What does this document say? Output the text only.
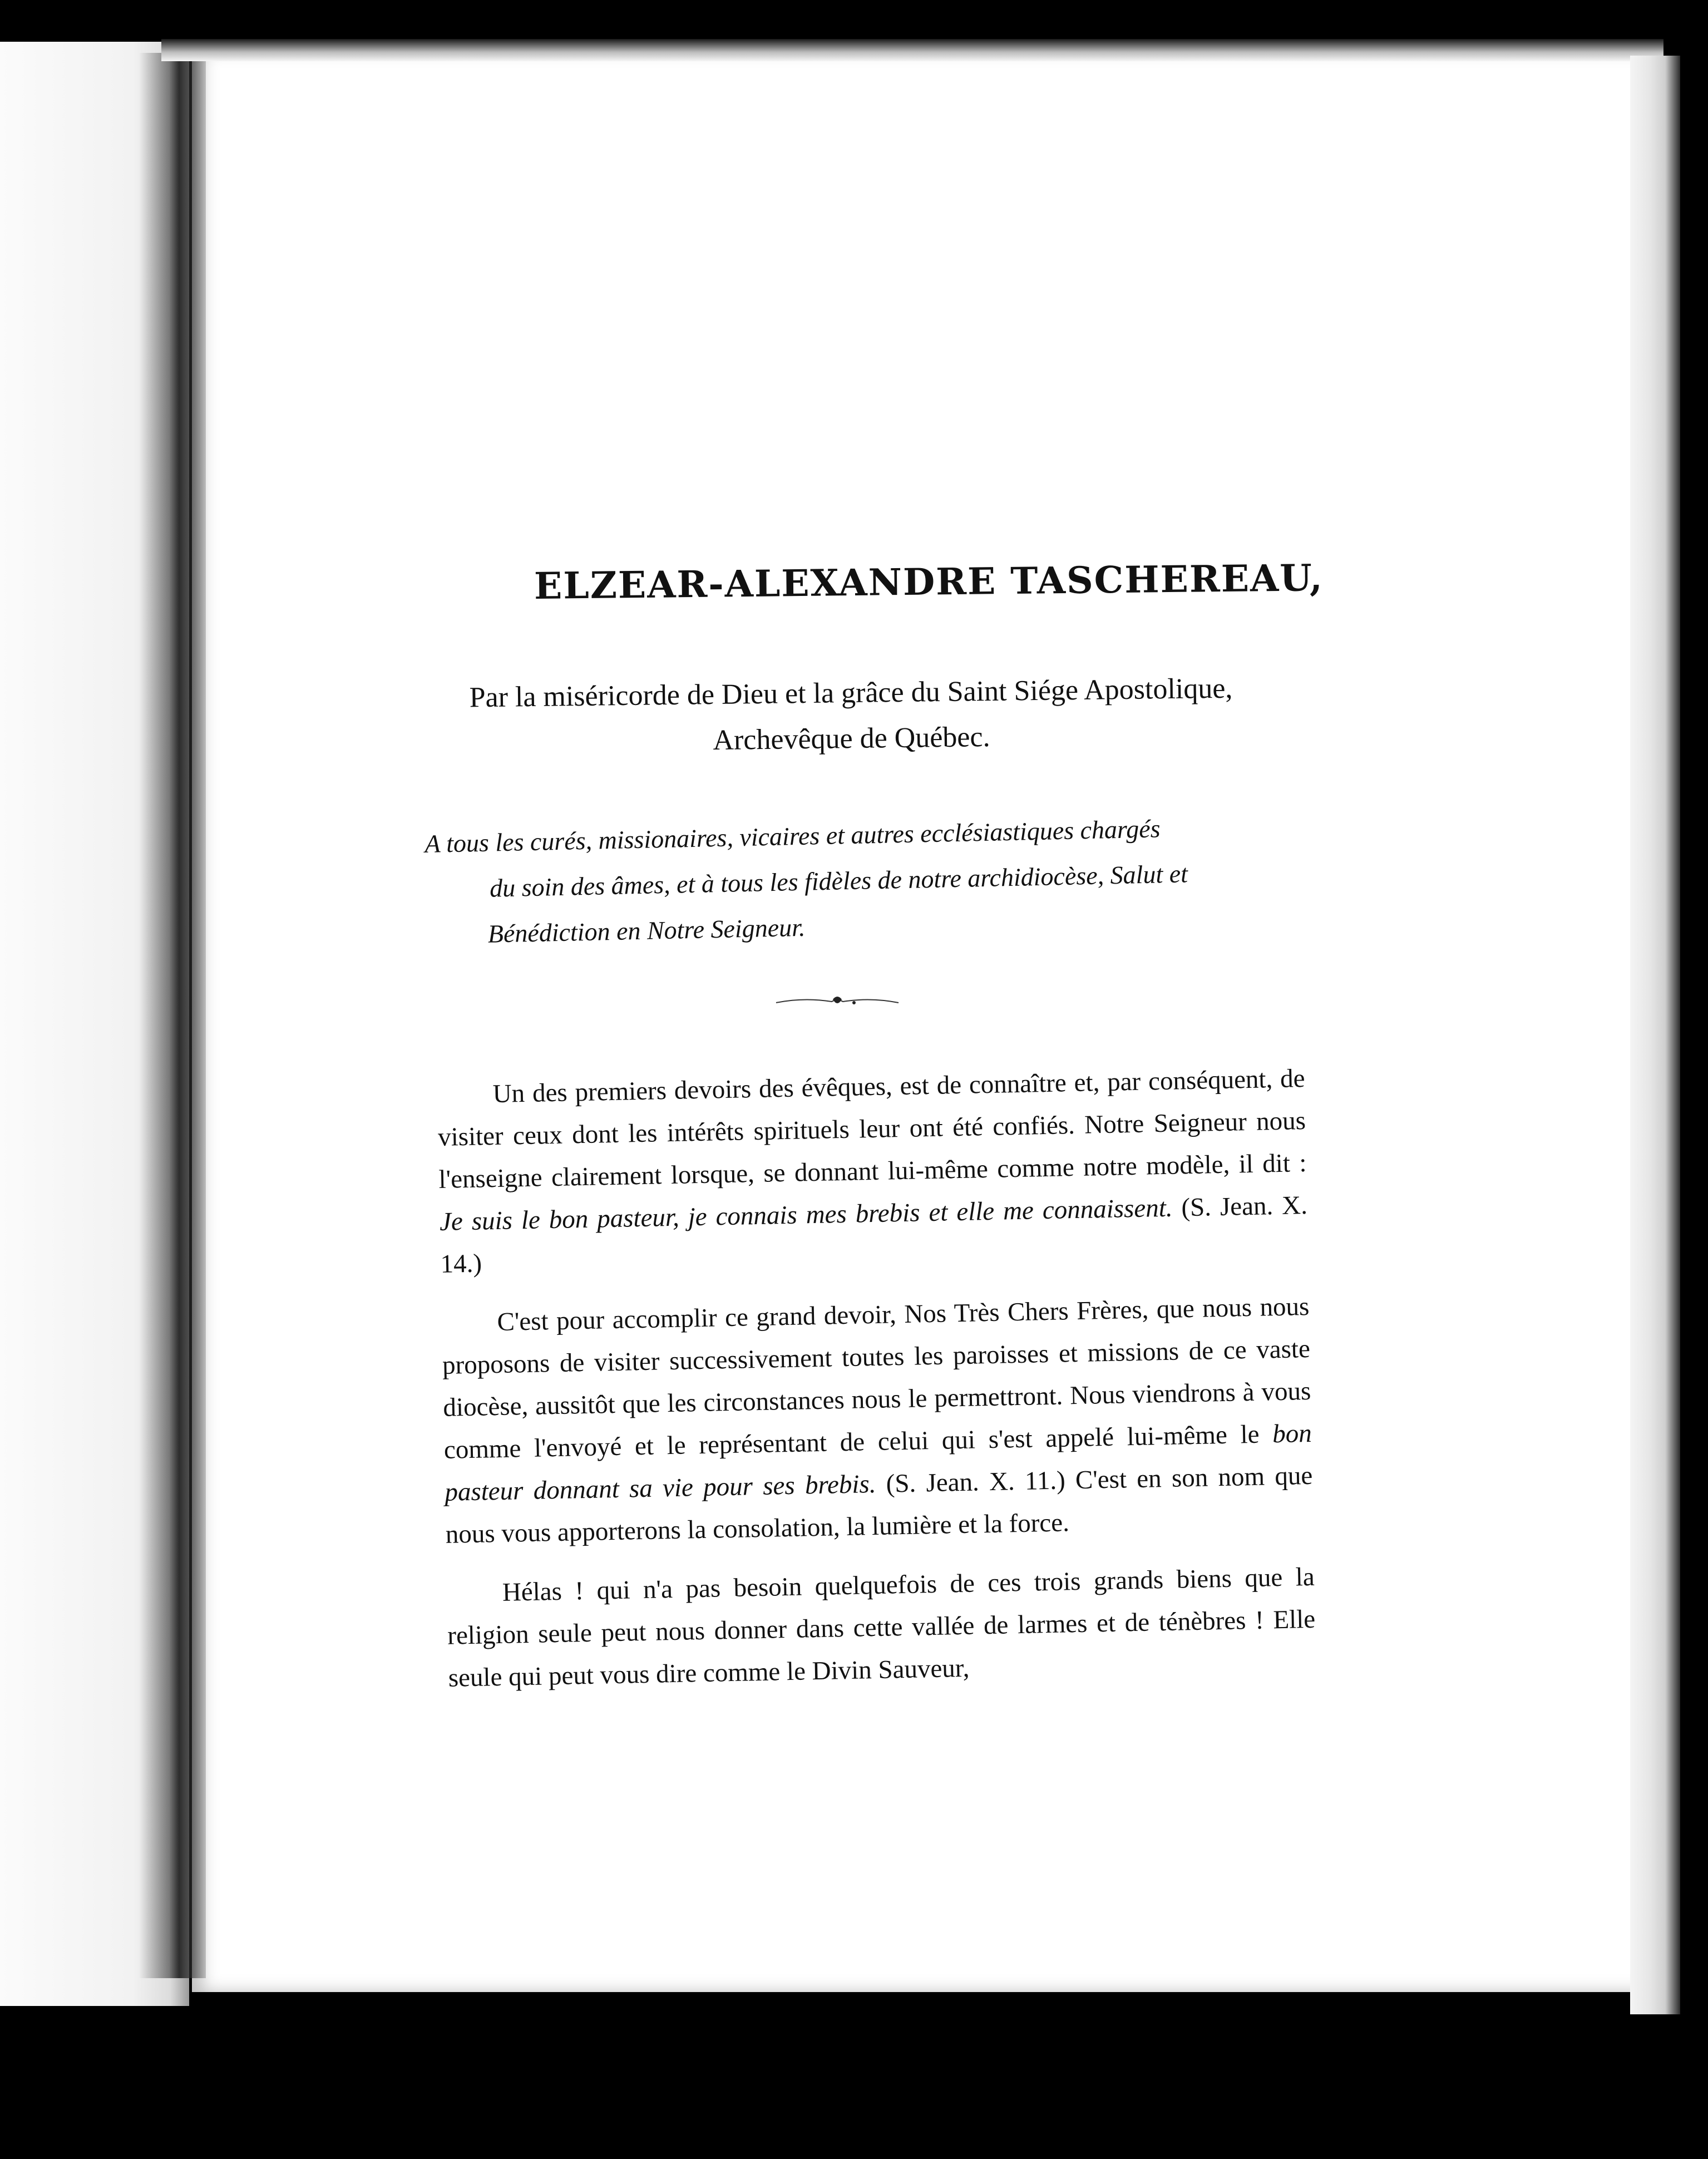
ELZEAR-ALEXANDRE TASCHEREAU,
Par la miséricorde de Dieu et la grâce du Saint Siége Apostolique,
Archevêque de Québec.
A tous les curés, missionaires, vicaires et autres ecclésiastiques chargés
du soin des âmes, et à tous les fidèles de notre archidiocèse, Salut et
Bénédiction en Notre Seigneur.

Un des premiers devoirs des évêques, est de connaître et, par conséquent, de visiter ceux dont les intérêts spirituels leur ont été confiés. Notre Seigneur nous l'enseigne clairement lorsque, se donnant lui-même comme notre modèle, il dit : Je suis le bon pasteur, je connais mes brebis et elle me connaissent. (S. Jean. X. 14.)

C'est pour accomplir ce grand devoir, Nos Très Chers Frères, que nous nous proposons de visiter successivement toutes les paroisses et missions de ce vaste diocèse, aussitôt que les circonstances nous le permettront. Nous viendrons à vous comme l'envoyé et le représentant de celui qui s'est appelé lui-même le bon pasteur donnant sa vie pour ses brebis. (S. Jean. X. 11.) C'est en son nom que nous vous apporterons la consolation, la lumière et la force.

Hélas ! qui n'a pas besoin quelquefois de ces trois grands biens que la religion seule peut nous donner dans cette vallée de larmes et de ténèbres ! Elle seule qui peut vous dire comme le Divin Sauveur,
